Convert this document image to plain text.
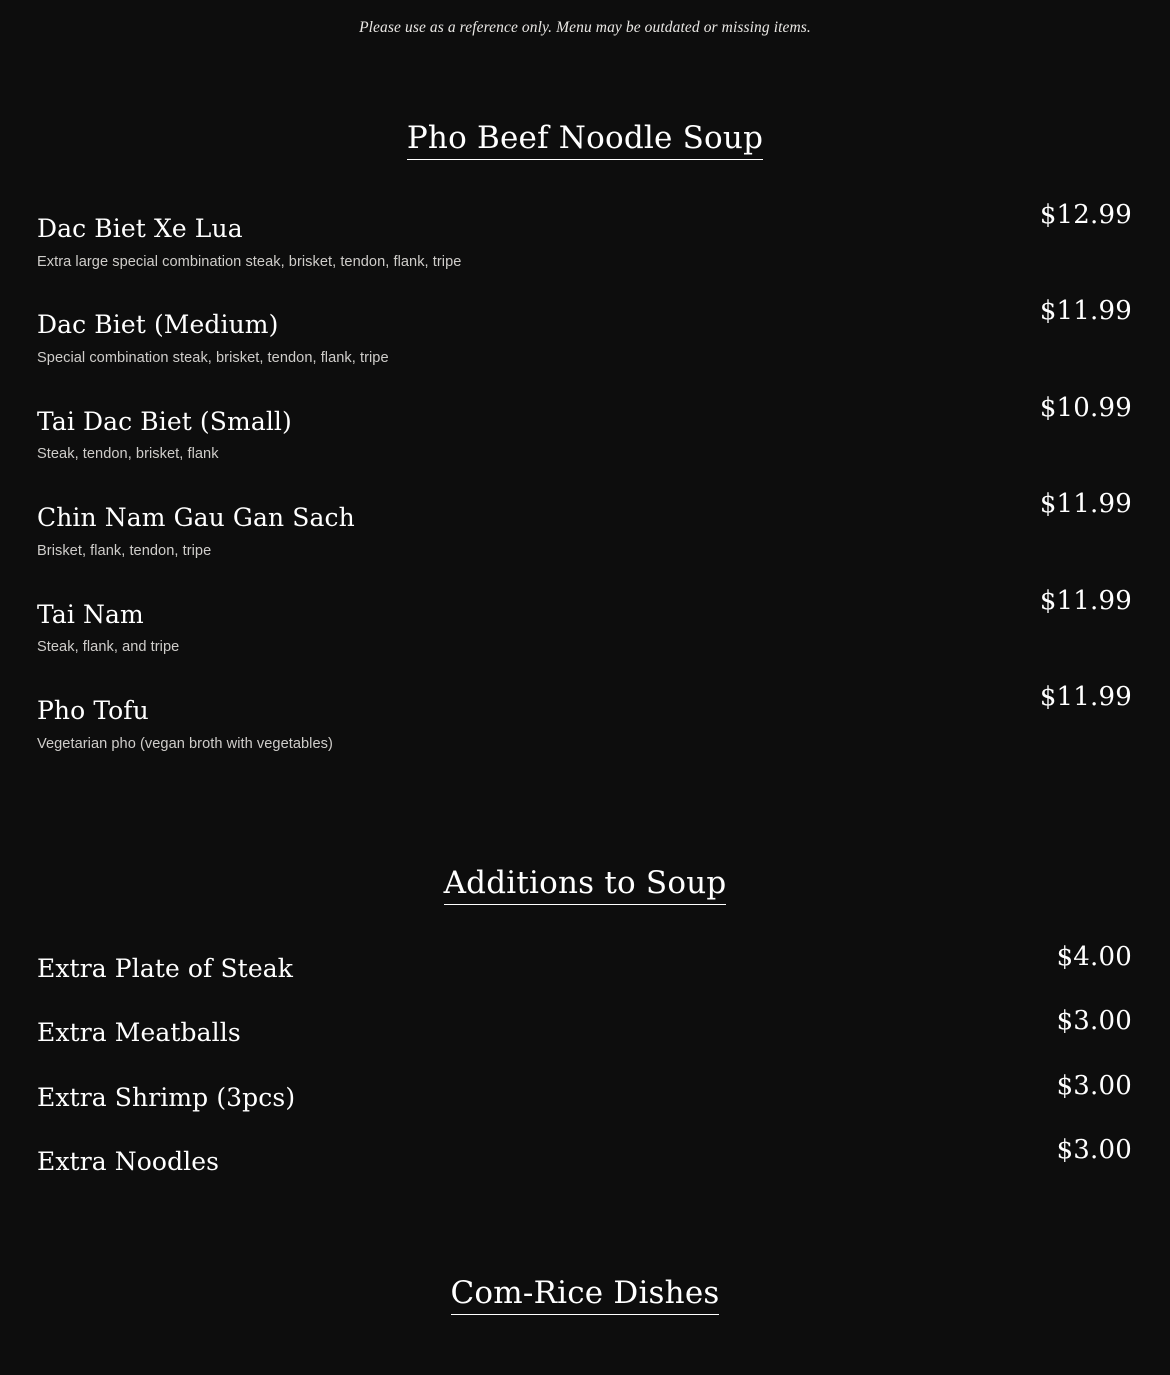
Please use as a reference only. Menu may be outdated or missing items.
Pho Beef Noodle Soup
Dac Biet Xe Lua	$12.99
Extra large special combination steak, brisket, tendon, flank, tripe
Dac Biet (Medium)	$11.99
Special combination steak, brisket, tendon, flank, tripe
Tai Dac Biet (Small)	$10.99
Steak, tendon, brisket, flank
Chin Nam Gau Gan Sach	$11.99
Brisket, flank, tendon, tripe
Tai Nam	$11.99
Steak, flank, and tripe
Pho Tofu	$11.99
Vegetarian pho (vegan broth with vegetables)
Additions to Soup
Extra Plate of Steak	$4.00
Extra Meatballs	$3.00
Extra Shrimp (3pcs)	$3.00
Extra Noodles	$3.00
Com-Rice Dishes
